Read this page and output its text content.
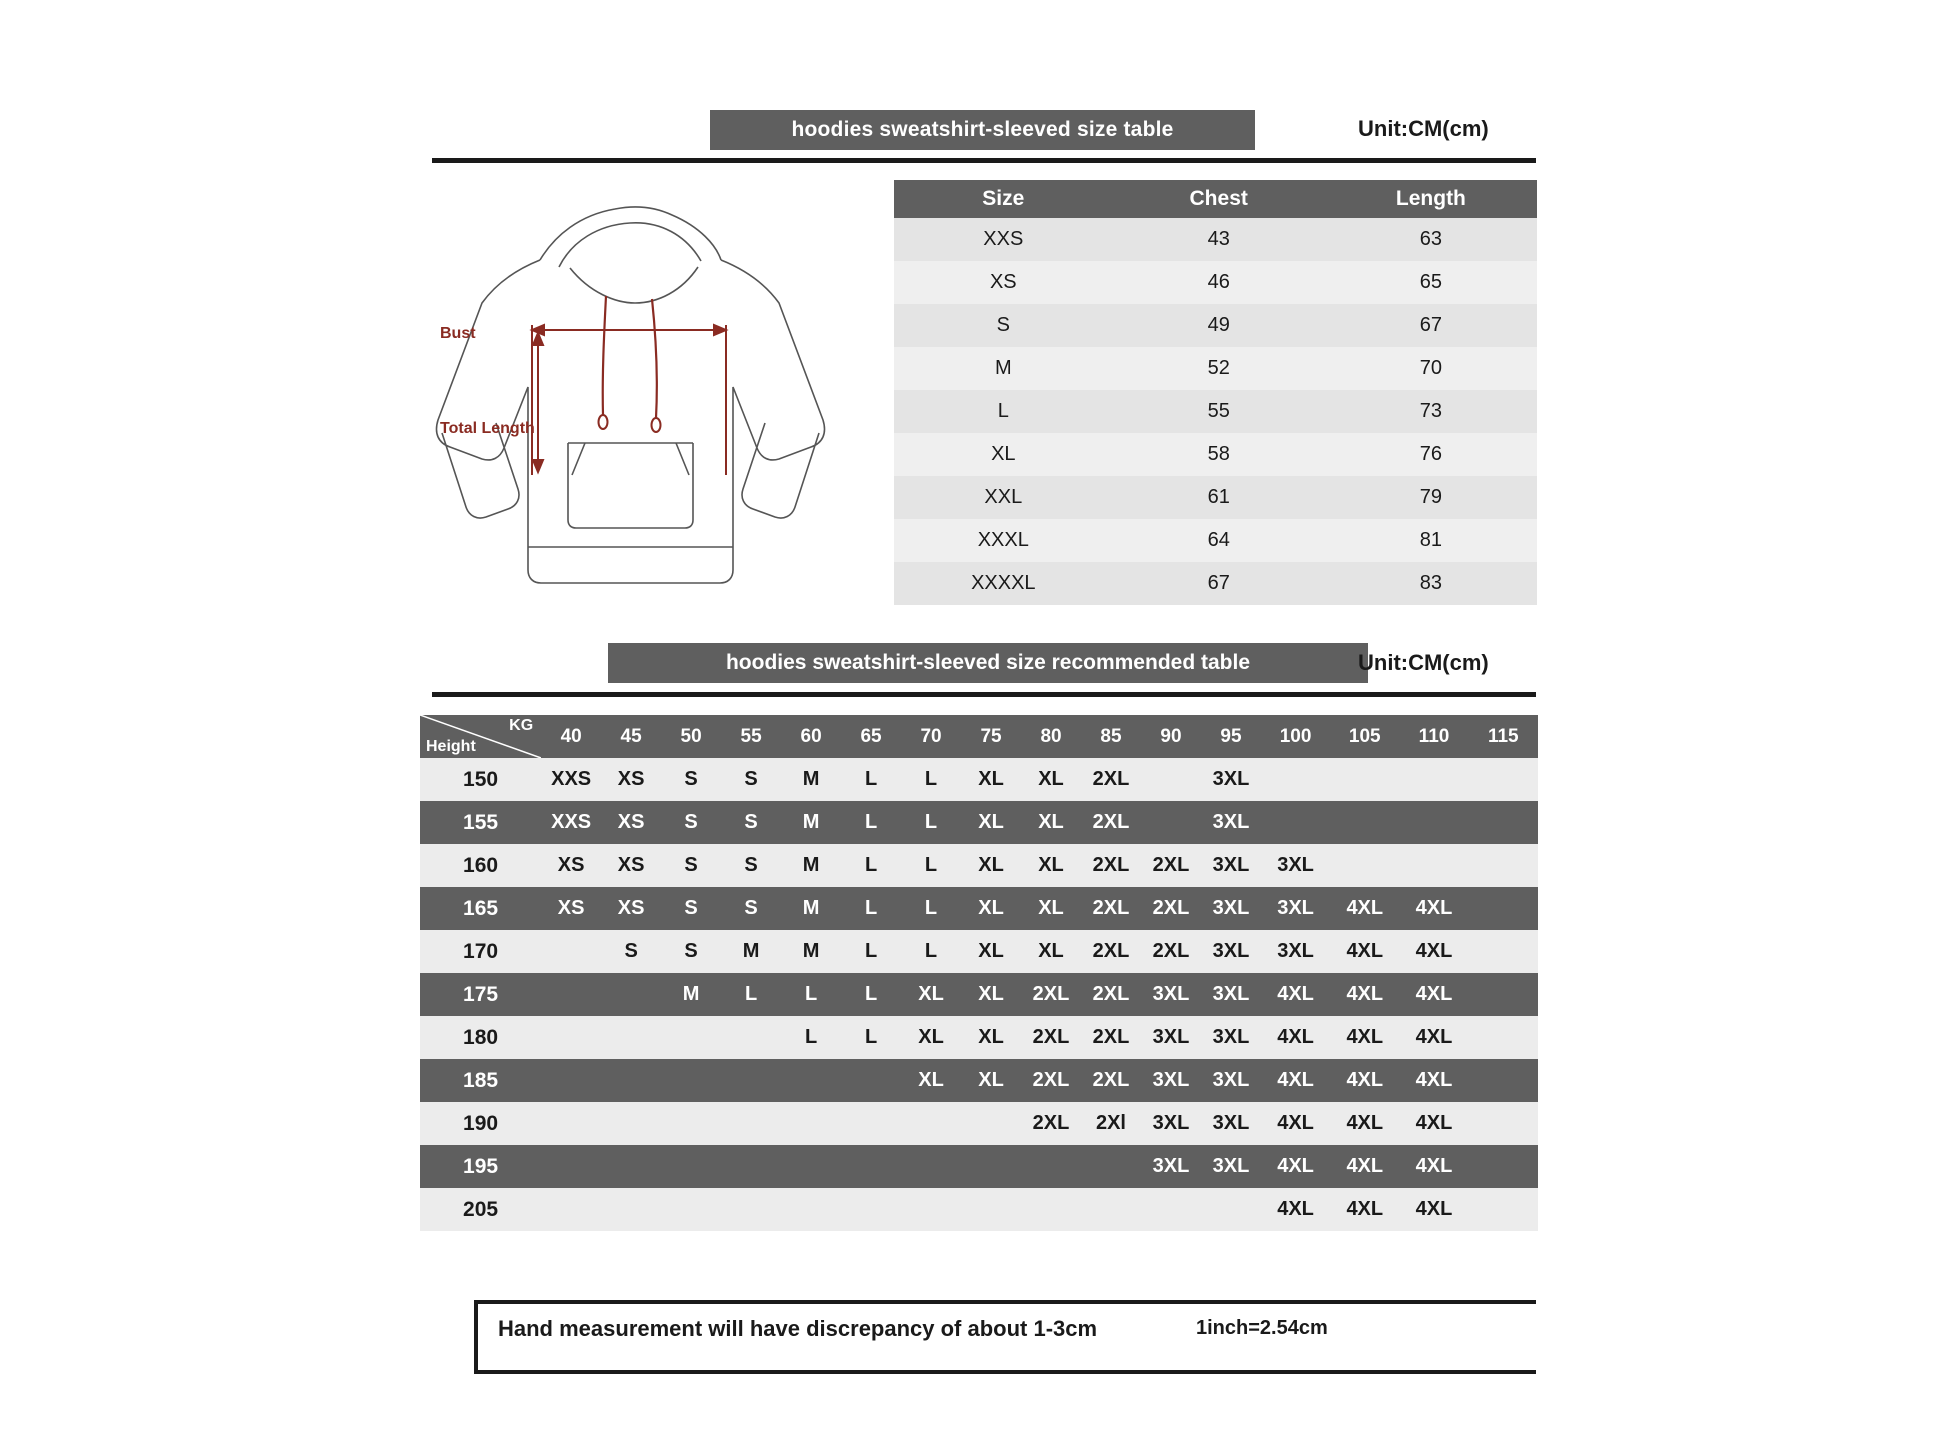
hoodies sweatshirt-sleeved size table	Unit:CM(cm)
Bust
Total Length
Size	Chest	Length
XXS	43	63
XS	46	65
S	49	67
M	52	70
L	55	73
XL	58	76
XXL	61	79
XXXL	64	81
XXXXL	67	83
hoodies sweatshirt-sleeved size recommended table	Unit:CM(cm)
KG
Height	40	45	50	55	60	65	70	75	80	85	90	95	100	105	110	115
150	XXS	XS	S	S	M	L	L	XL	XL	2XL		3XL				
155	XXS	XS	S	S	M	L	L	XL	XL	2XL		3XL				
160	XS	XS	S	S	M	L	L	XL	XL	2XL	2XL	3XL	3XL			
165	XS	XS	S	S	M	L	L	XL	XL	2XL	2XL	3XL	3XL	4XL	4XL	
170		S	S	M	M	L	L	XL	XL	2XL	2XL	3XL	3XL	4XL	4XL	
175			M	L	L	L	XL	XL	2XL	2XL	3XL	3XL	4XL	4XL	4XL	
180					L	L	XL	XL	2XL	2XL	3XL	3XL	4XL	4XL	4XL	
185							XL	XL	2XL	2XL	3XL	3XL	4XL	4XL	4XL	
190									2XL	2Xl	3XL	3XL	4XL	4XL	4XL	
195											3XL	3XL	4XL	4XL	4XL	
205													4XL	4XL	4XL	
Hand measurement will have discrepancy of about 1-3cm	1inch=2.54cm
